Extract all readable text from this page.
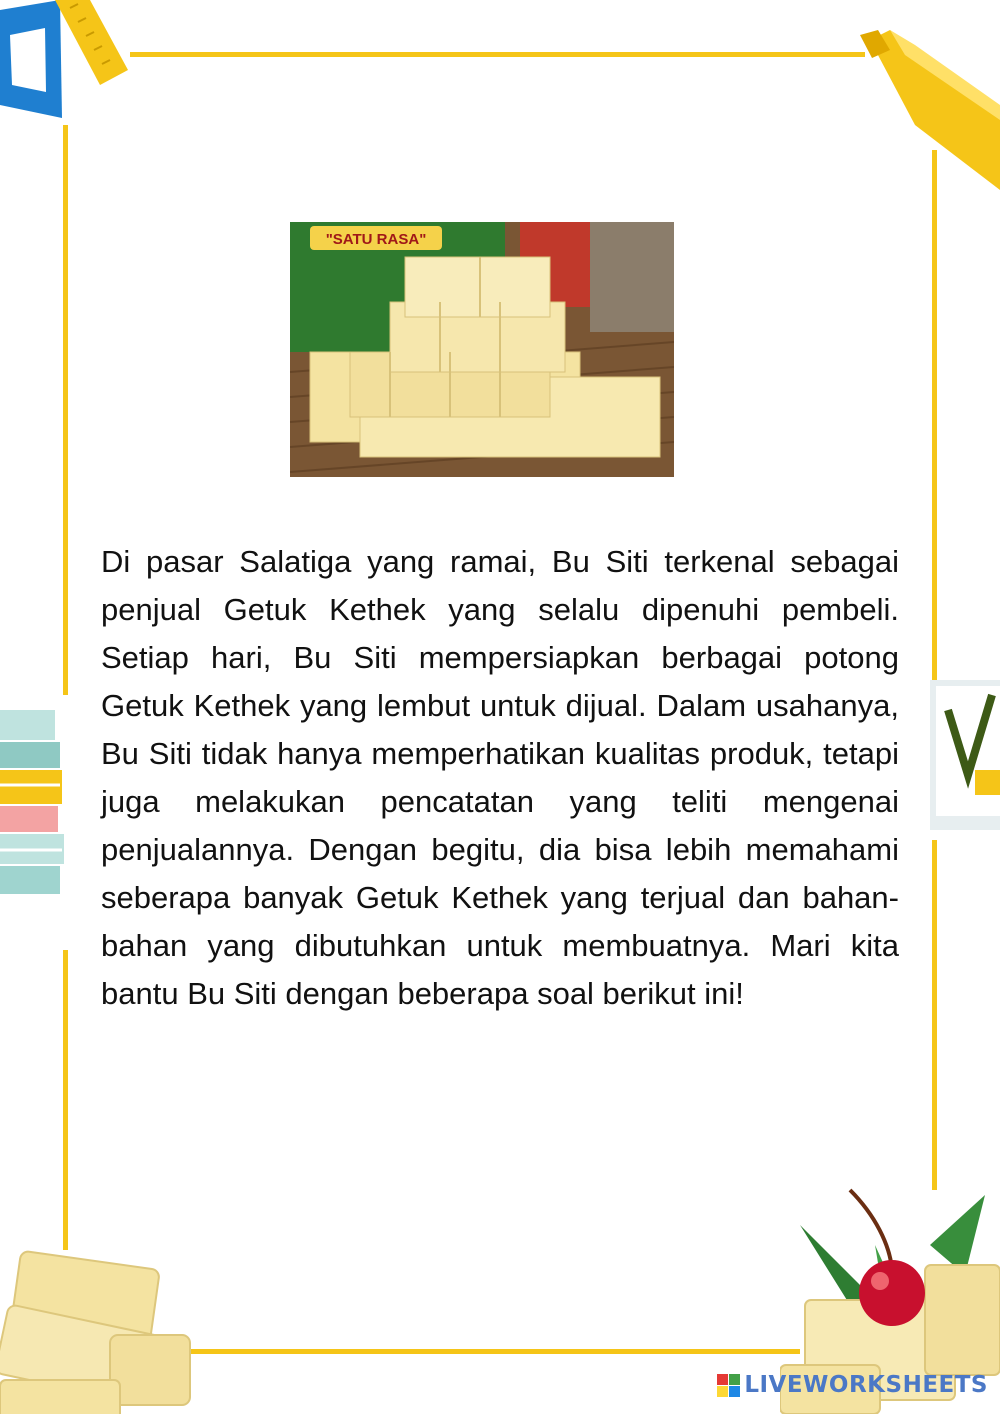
"SATU RASA"

Di pasar Salatiga yang ramai, Bu Siti terkenal sebagai penjual Getuk Kethek yang selalu dipenuhi pembeli. Setiap hari, Bu Siti mempersiapkan berbagai potong Getuk Kethek yang lembut untuk dijual. Dalam usahanya, Bu Siti tidak hanya memperhatikan kualitas produk, tetapi juga melakukan pencatatan yang teliti mengenai penjualannya. Dengan begitu, dia bisa lebih memahami seberapa banyak Getuk Kethek yang terjual dan bahan-bahan yang dibutuhkan untuk membuatnya. Mari kita bantu Bu Siti dengan beberapa soal berikut ini!

LIVEWORKSHEETS
